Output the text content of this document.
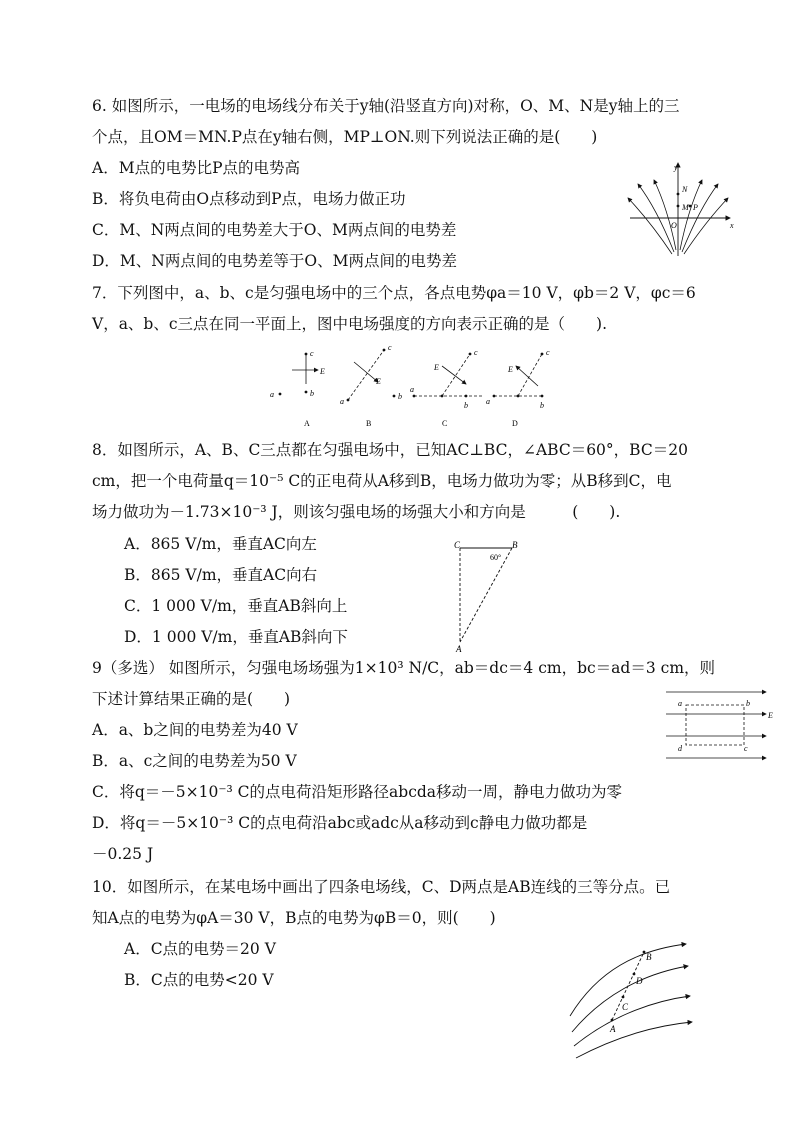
6. 如图所示，一电场的电场线分布关于y轴(沿竖直方向)对称，O、M、N是y轴上的三
个点，且OM＝MN.P点在y轴右侧，MP⊥ON.则下列说法正确的是(　　)
A．M点的电势比P点的电势高
B．将负电荷由O点移动到P点，电场力做正功
C．M、N两点间的电势差大于O、M两点间的电势差
D．M、N两点间的电势差等于O、M两点间的电势差
y
x
N
M P
O
7．下列图中，a、b、c是匀强电场中的三个点，各点电势φa＝10 V，φb＝2 V，φc＝6
V，a、b、c三点在同一平面上，图中电场强度的方向表示正确的是（　　).
c
E
b
a
A
c
E
a
b
B
c
E
a
b
C
c
E
a	b
D
8．如图所示，A、B、C三点都在匀强电场中，已知AC⊥BC，∠ABC＝60°，BC＝20
cm，把一个电荷量q＝10⁻⁵ C的正电荷从A移到B，电场力做功为零；从B移到C，电
场力做功为－1.73×10⁻³ J，则该匀强电场的场强大小和方向是　　　(　　).
A．865 V/m，垂直AC向左
B．865 V/m，垂直AC向右
C．1 000 V/m，垂直AB斜向上
D．1 000 V/m，垂直AB斜向下
C	B
A
60°
9（多选） 如图所示，匀强电场场强为1×10³ N/C，ab＝dc＝4 cm，bc＝ad＝3 cm，则
下述计算结果正确的是(　　)
A．a、b之间的电势差为40 V
B．a、c之间的电势差为50 V
C．将q＝－5×10⁻³ C的点电荷沿矩形路径abcda移动一周，静电力做功为零
D．将q＝－5×10⁻³ C的点电荷沿abc或adc从a移动到c静电力做功都是
－0.25 J
a	b
d	c
E
10．如图所示，在某电场中画出了四条电场线，C、D两点是AB连线的三等分点。已
知A点的电势为φA＝30 V，B点的电势为φB＝0，则(　　)
A．C点的电势＝20 V
B．C点的电势<20 V
A
C
D
B
